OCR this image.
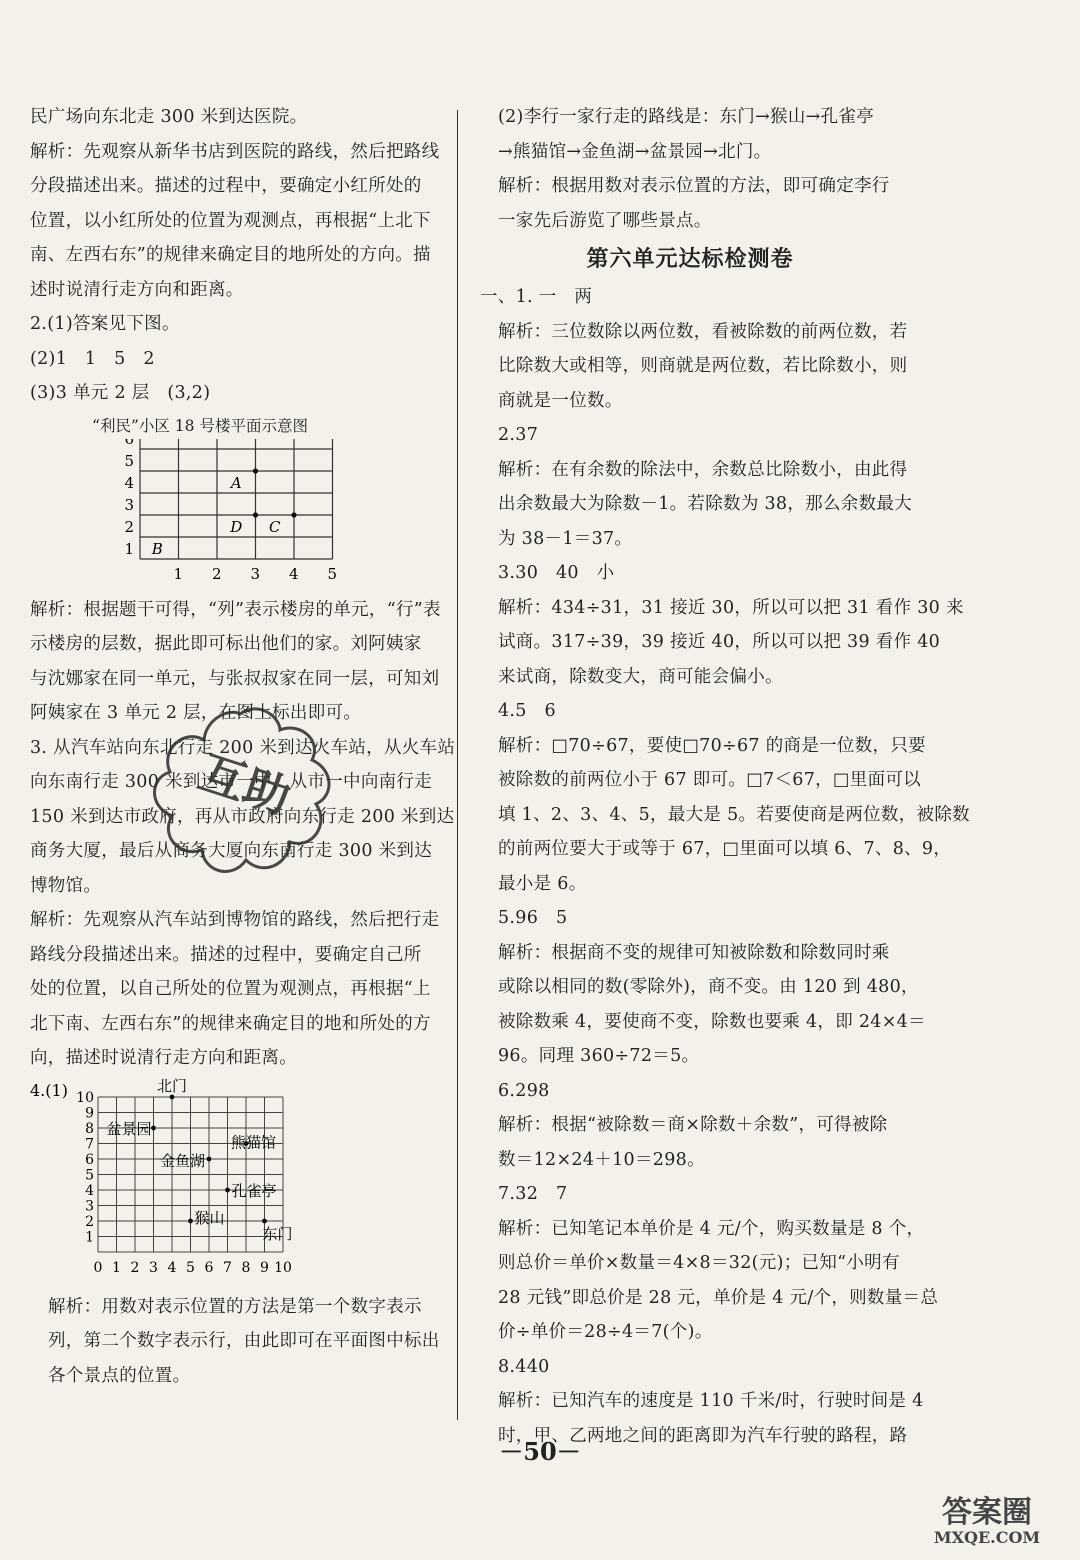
民广场向东北走 300 米到达医院。
解析：先观察从新华书店到医院的路线，然后把路线
分段描述出来。描述的过程中，要确定小红所处的
位置，以小红所处的位置为观测点，再根据“上北下
南、左西右东”的规律来确定目的地所处的方向。描
述时说清行走方向和距离。
2.(1)答案见下图。
(2)1　1　5　2
(3)3 单元 2 层　(3,2)
“利民”小区 18 号楼平面示意图
1
2
3
4
5
6
A
D C
B
1 2 3 4 5
解析：根据题干可得，“列”表示楼房的单元，“行”表
示楼房的层数，据此即可标出他们的家。刘阿姨家
与沈娜家在同一单元，与张叔叔家在同一层，可知刘
阿姨家在 3 单元 2 层，在图上标出即可。
3. 从汽车站向东北行走 200 米到达火车站，从火车站
向东南行走 300 米到达市一中，从市一中向南行走
150 米到达市政府，再从市政府向东行走 200 米到达
商务大厦，最后从商务大厦向东南行走 300 米到达
博物馆。
解析：先观察从汽车站到博物馆的路线，然后把行走
路线分段描述出来。描述的过程中，要确定自己所
处的位置，以自己所处的位置为观测点，再根据“上
北下南、左西右东”的规律来确定目的地和所处的方
向，描述时说清行走方向和距离。
4.(1)
1
2
3
4
5
6
7
8
9
10
0 1 2 3 4 5 6 7 8 9 10
北门
盆景园
熊猫馆
金鱼湖
孔雀亭
猴山
东门
解析：用数对表示位置的方法是第一个数字表示
列，第二个数字表示行，由此即可在平面图中标出
各个景点的位置。
(2)李行一家行走的路线是：东门→猴山→孔雀亭
→熊猫馆→金鱼湖→盆景园→北门。
解析：根据用数对表示位置的方法，即可确定李行
一家先后游览了哪些景点。
第六单元达标检测卷
一、1. 一　两
解析：三位数除以两位数，看被除数的前两位数，若
比除数大或相等，则商就是两位数，若比除数小，则
商就是一位数。
2.37
解析：在有余数的除法中，余数总比除数小，由此得
出余数最大为除数－1。若除数为 38，那么余数最大
为 38－1＝37。
3.30　40　小
解析：434÷31，31 接近 30，所以可以把 31 看作 30 来
试商。317÷39，39 接近 40，所以可以把 39 看作 40
来试商，除数变大，商可能会偏小。
4.5　6
解析：□70÷67，要使□70÷67 的商是一位数，只要
被除数的前两位小于 67 即可。□7＜67，□里面可以
填 1、2、3、4、5，最大是 5。若要使商是两位数，被除数
的前两位要大于或等于 67，□里面可以填 6、7、8、9，
最小是 6。
5.96　5
解析：根据商不变的规律可知被除数和除数同时乘
或除以相同的数(零除外)，商不变。由 120 到 480，
被除数乘 4，要使商不变，除数也要乘 4，即 24×4＝
96。同理 360÷72＝5。
6.298
解析：根据“被除数＝商×除数＋余数”，可得被除
数＝12×24＋10＝298。
7.32　7
解析：已知笔记本单价是 4 元/个，购买数量是 8 个，
则总价＝单价×数量＝4×8＝32(元)；已知“小明有
28 元钱”即总价是 28 元，单价是 4 元/个，则数量＝总
价÷单价＝28÷4＝7(个)。
8.440
解析：已知汽车的速度是 110 千米/时，行驶时间是 4
时，甲、乙两地之间的距离即为汽车行驶的路程，路
－50－
互助
答案圈
MXQE.COM
